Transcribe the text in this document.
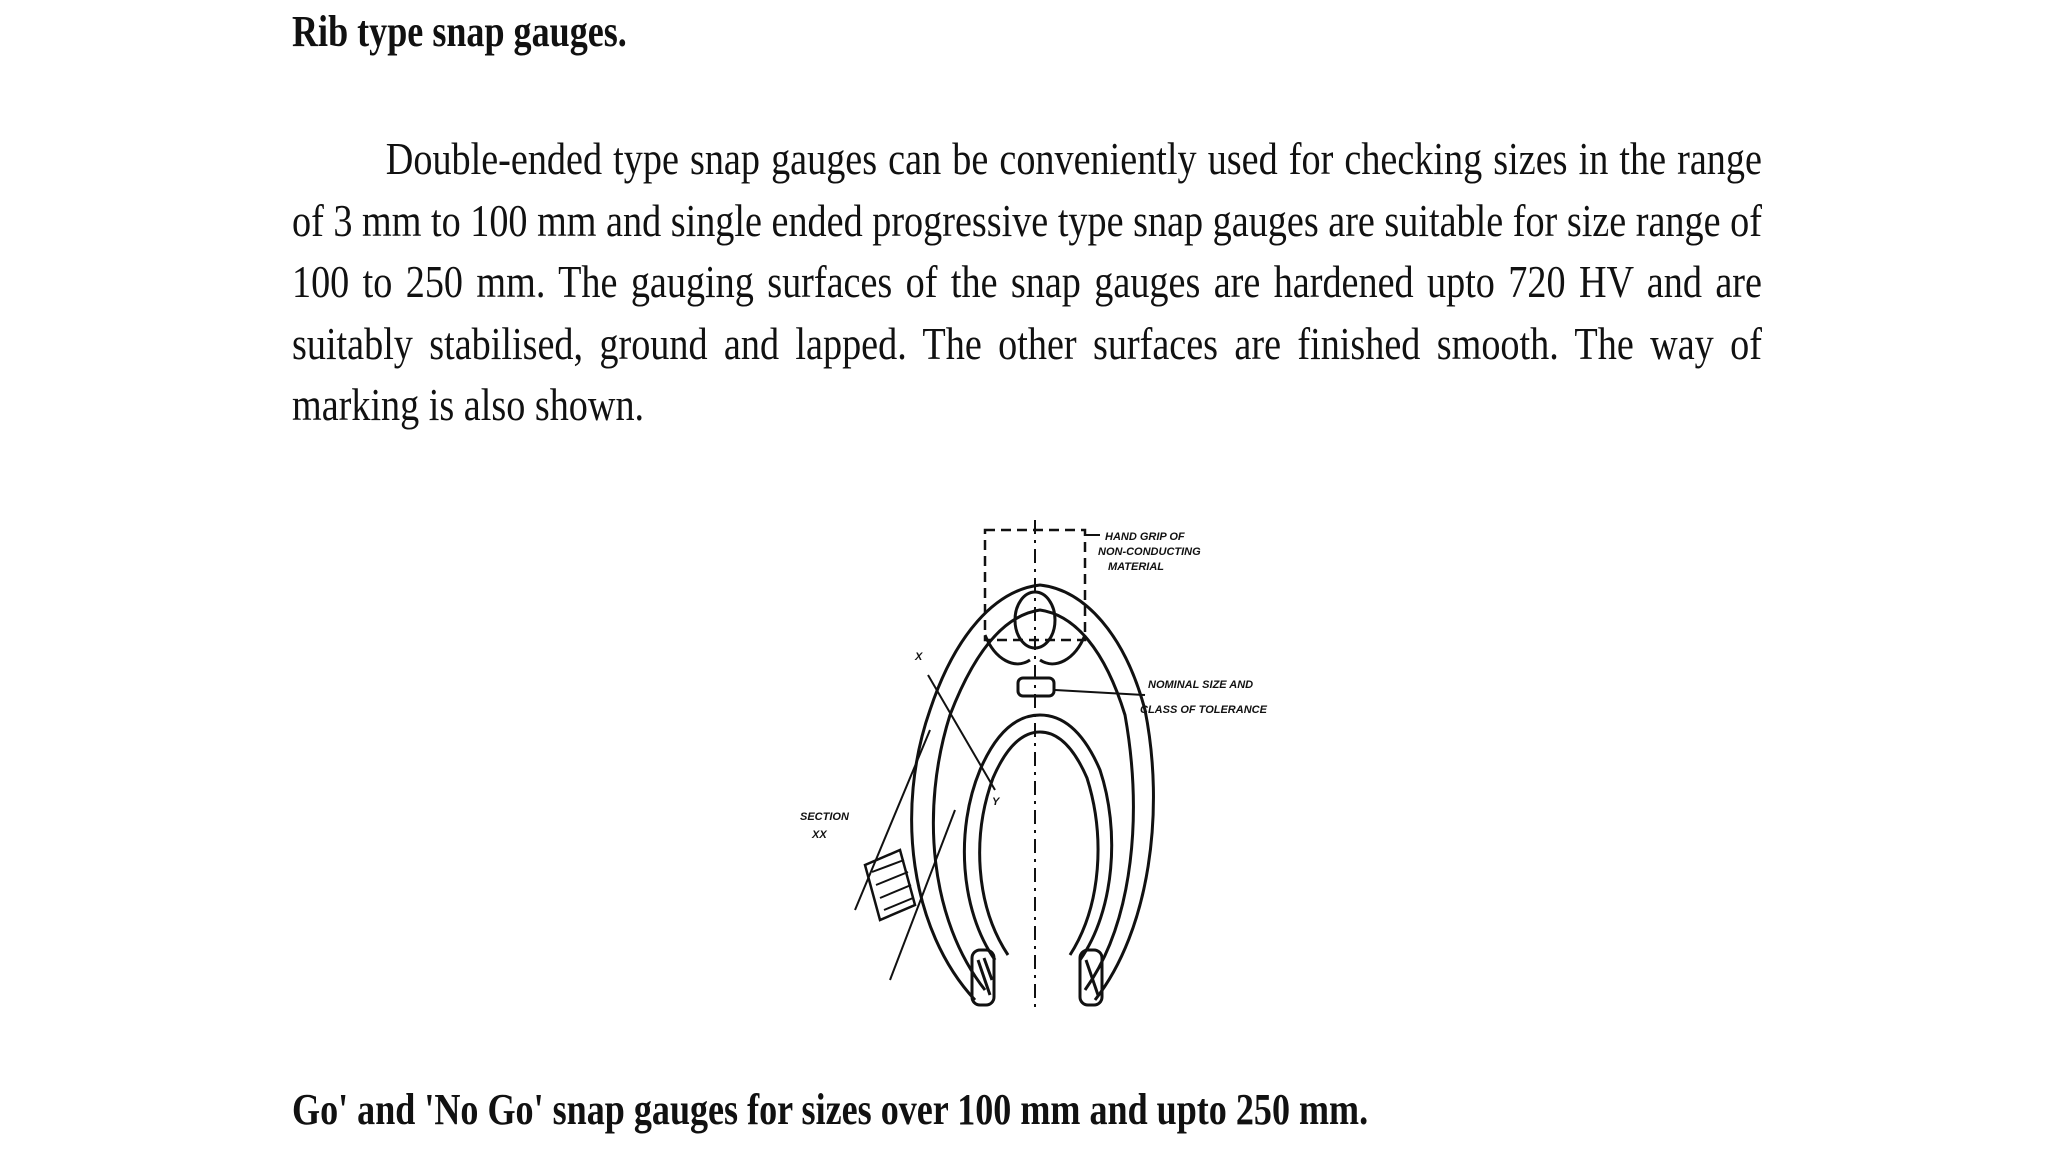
Rib type snap gauges.
Double-ended type snap gauges can be conveniently used for checking sizes in the range of 3 mm to 100 mm and single ended progressive type snap gauges are suitable for size range of 100 to 250 mm. The gauging surfaces of the snap gauges are hardened upto 720 HV and are suitably stabilised, ground and lapped. The other surfaces are finished smooth. The way of marking is also shown.
HAND GRIP OF
NON-CONDUCTING
MATERIAL
NOMINAL SIZE AND
CLASS OF TOLERANCE
SECTION
XX
X
Y
Go' and 'No Go' snap gauges for sizes over 100 mm and upto 250 mm.
